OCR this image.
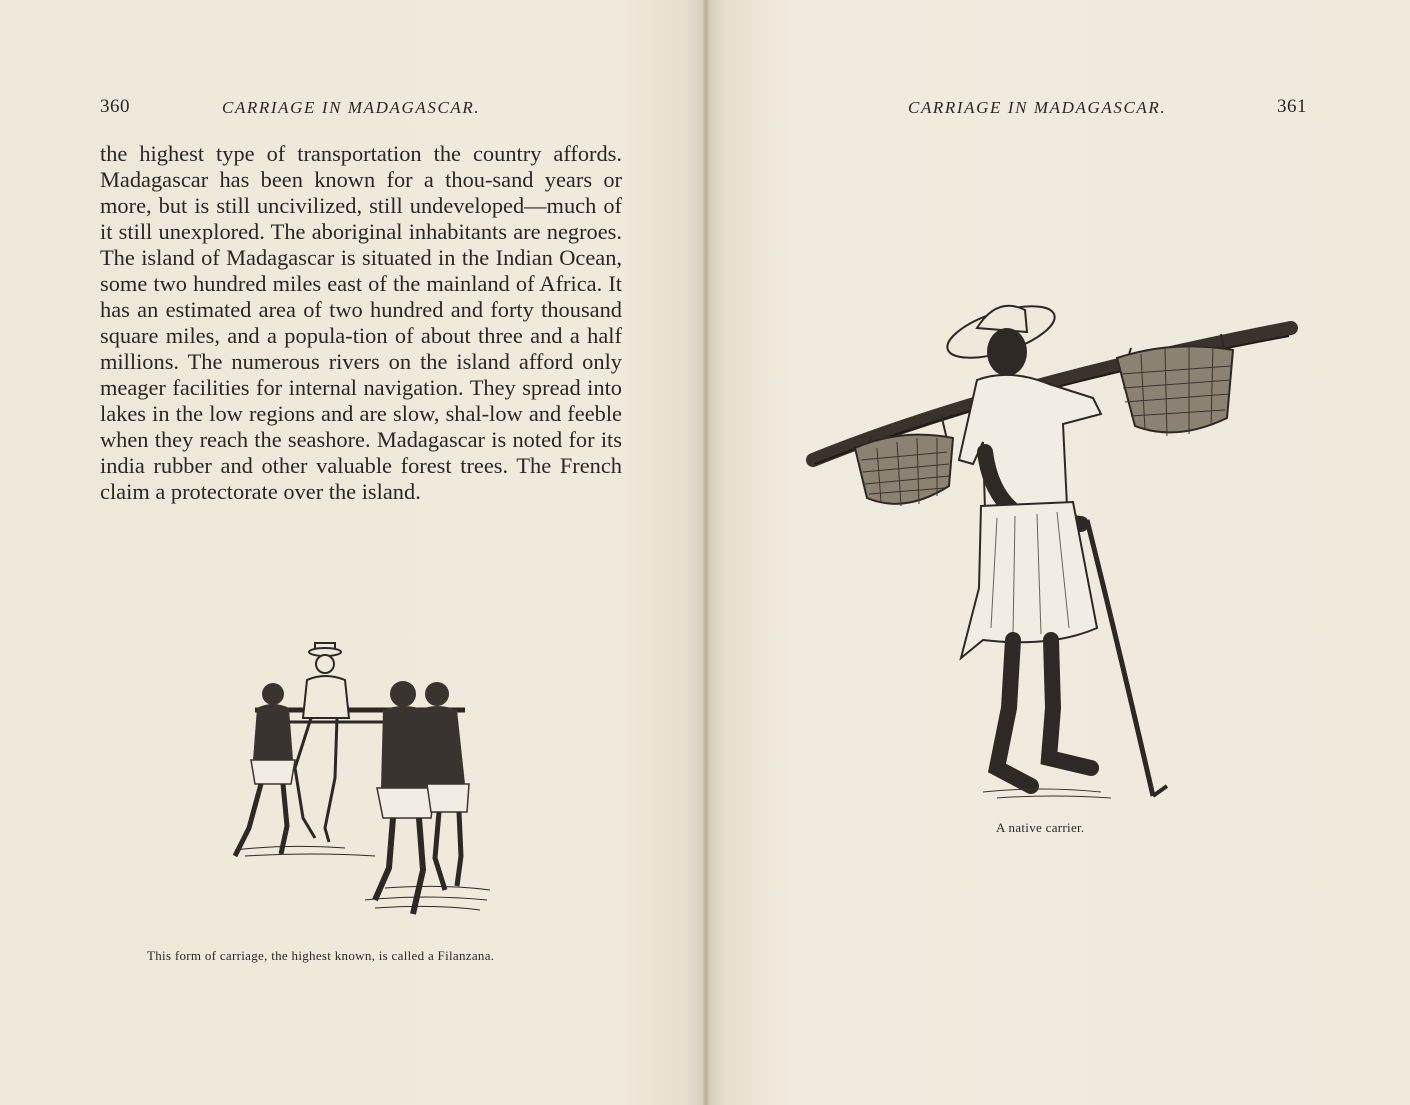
360	CARRIAGE IN MADAGASCAR.

the highest type of transportation the country affords. Madagascar has been known for a thou-sand years or more, but is still uncivilized, still undeveloped—much of it still unexplored. The aboriginal inhabitants are negroes. The island of Madagascar is situated in the Indian Ocean, some two hundred miles east of the mainland of Africa. It has an estimated area of two hundred and forty thousand square miles, and a popula-tion of about three and a half millions. The numerous rivers on the island afford only meager facilities for internal navigation. They spread into lakes in the low regions and are slow, shal-low and feeble when they reach the seashore. Madagascar is noted for its india rubber and other valuable forest trees. The French claim a protectorate over the island.

This form of carriage, the highest known, is called a Filanzana.
CARRIAGE IN MADAGASCAR.	361
A native carrier.
